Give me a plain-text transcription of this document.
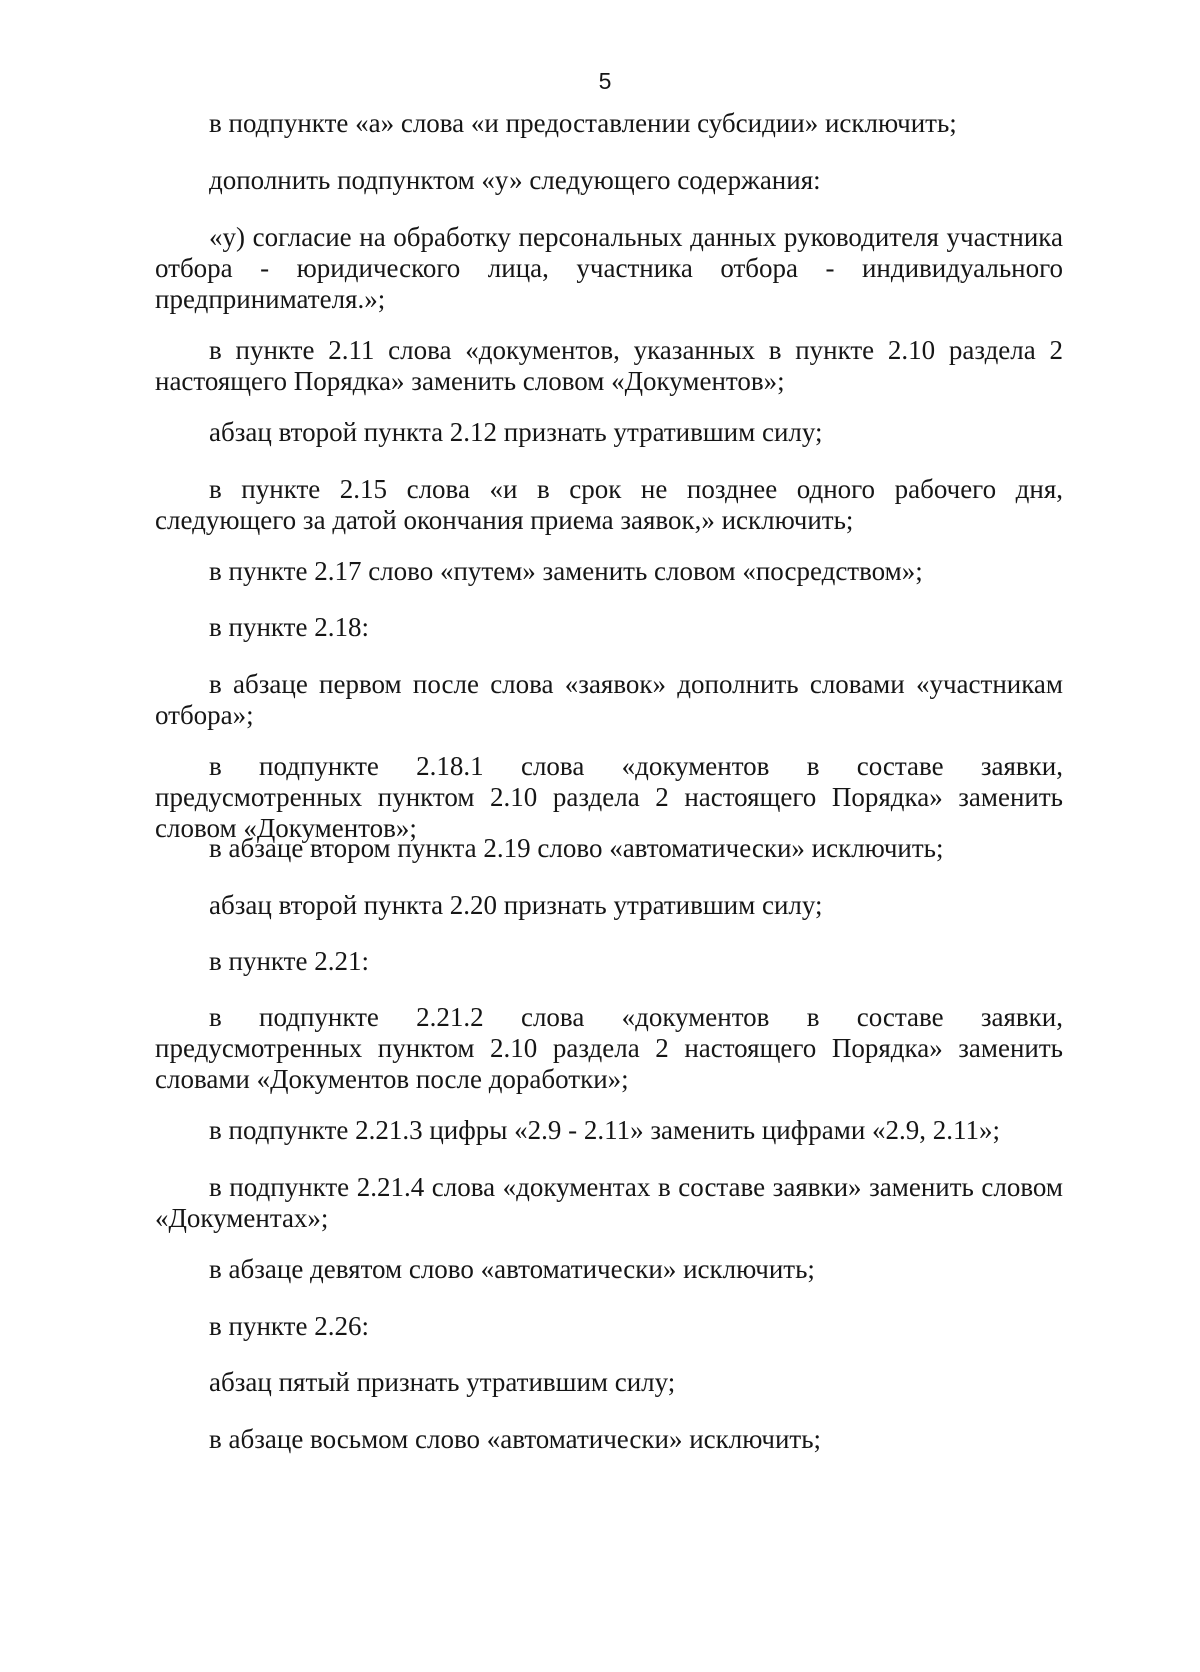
5

в подпункте «а» слова «и предоставлении субсидии» исключить;

дополнить подпунктом «у» следующего содержания:

«у) согласие на обработку персональных данных руководителя участника отбора - юридического лица, участника отбора - индивидуального предпринимателя.»;

в пункте 2.11 слова «документов, указанных в пункте 2.10 раздела 2 настоящего Порядка» заменить словом «Документов»;

абзац второй пункта 2.12 признать утратившим силу;

в пункте 2.15 слова «и в срок не позднее одного рабочего дня, следующего за датой окончания приема заявок,» исключить;

в пункте 2.17 слово «путем» заменить словом «посредством»;

в пункте 2.18:

в абзаце первом после слова «заявок» дополнить словами «участникам отбора»;

в подпункте 2.18.1 слова «документов в составе заявки, предусмотренных пунктом 2.10 раздела 2 настоящего Порядка» заменить словом «Документов»;

в абзаце втором пункта 2.19 слово «автоматически» исключить;

абзац второй пункта 2.20 признать утратившим силу;

в пункте 2.21:

в подпункте 2.21.2 слова «документов в составе заявки, предусмотренных пунктом 2.10 раздела 2 настоящего Порядка» заменить словами «Документов после доработки»;

в подпункте 2.21.3 цифры «2.9 - 2.11» заменить цифрами «2.9, 2.11»;

в подпункте 2.21.4 слова «документах в составе заявки» заменить словом «Документах»;

в абзаце девятом слово «автоматически» исключить;

в пункте 2.26:

абзац пятый признать утратившим силу;

в абзаце восьмом слово «автоматически» исключить;
